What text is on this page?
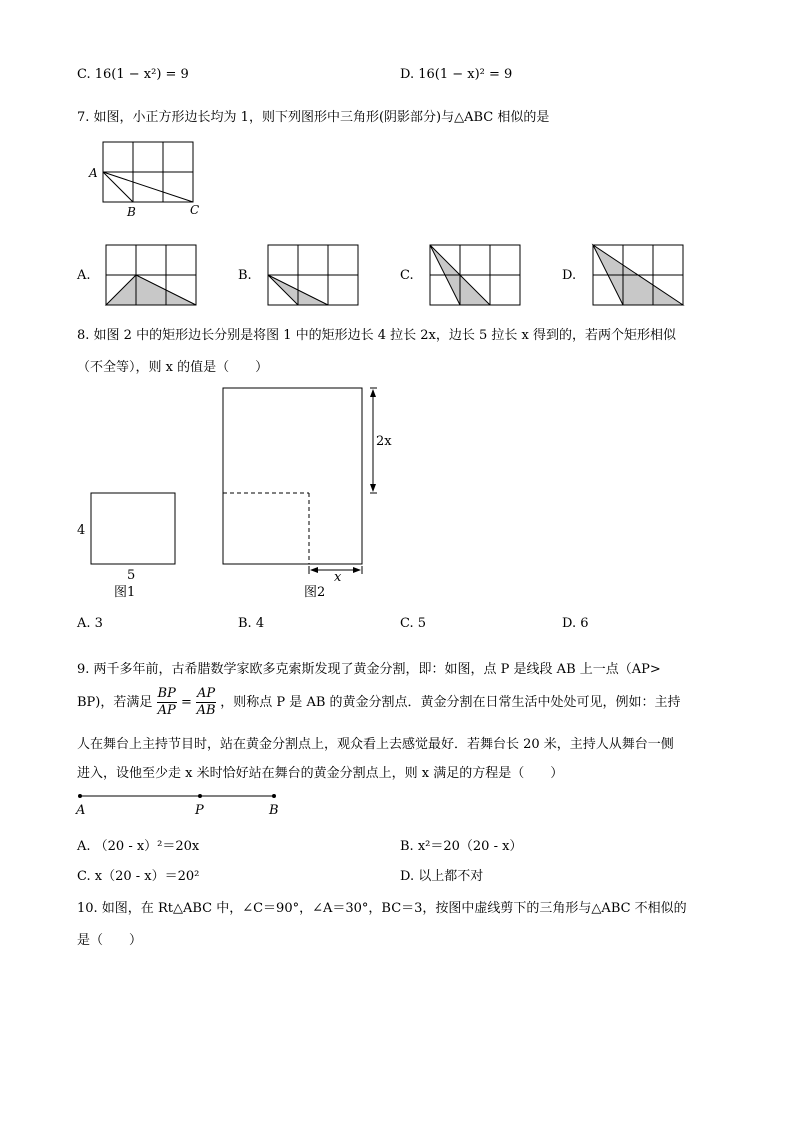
C. 16(1 − x²) = 9	D. 16(1 − x)² = 9
7. 如图，小正方形边长均为 1，则下列图形中三角形(阴影部分)与△ABC 相似的是
A
B	C
A.	B.	C.	D.
8. 如图 2 中的矩形边长分别是将图 1 中的矩形边长 4 拉长 2x，边长 5 拉长 x 得到的，若两个矩形相似
（不全等），则 x 的值是（　　）
4
5
图1
2x
x
图2
A. 3	B. 4	C. 5	D. 6
9. 两千多年前，古希腊数学家欧多克索斯发现了黄金分割，即：如图，点 P 是线段 AB 上一点（AP>
BP)，若满足 $\frac{BP}{AP} = \frac{AP}{AB}$ ，则称点 P 是 AB 的黄金分割点．黄金分割在日常生活中处处可见，例如：主持
人在舞台上主持节目时，站在黄金分割点上，观众看上去感觉最好．若舞台长 20 米，主持人从舞台一侧
进入，设他至少走 x 米时恰好站在舞台的黄金分割点上，则 x 满足的方程是（　　）
A	P	B
A. （20 - x）²＝20x	B. x²＝20（20 - x）
C. x（20 - x）＝20²	D. 以上都不对
10. 如图，在 Rt△ABC 中，∠C＝90°，∠A＝30°，BC＝3，按图中虚线剪下的三角形与△ABC 不相似的
是（　　）
